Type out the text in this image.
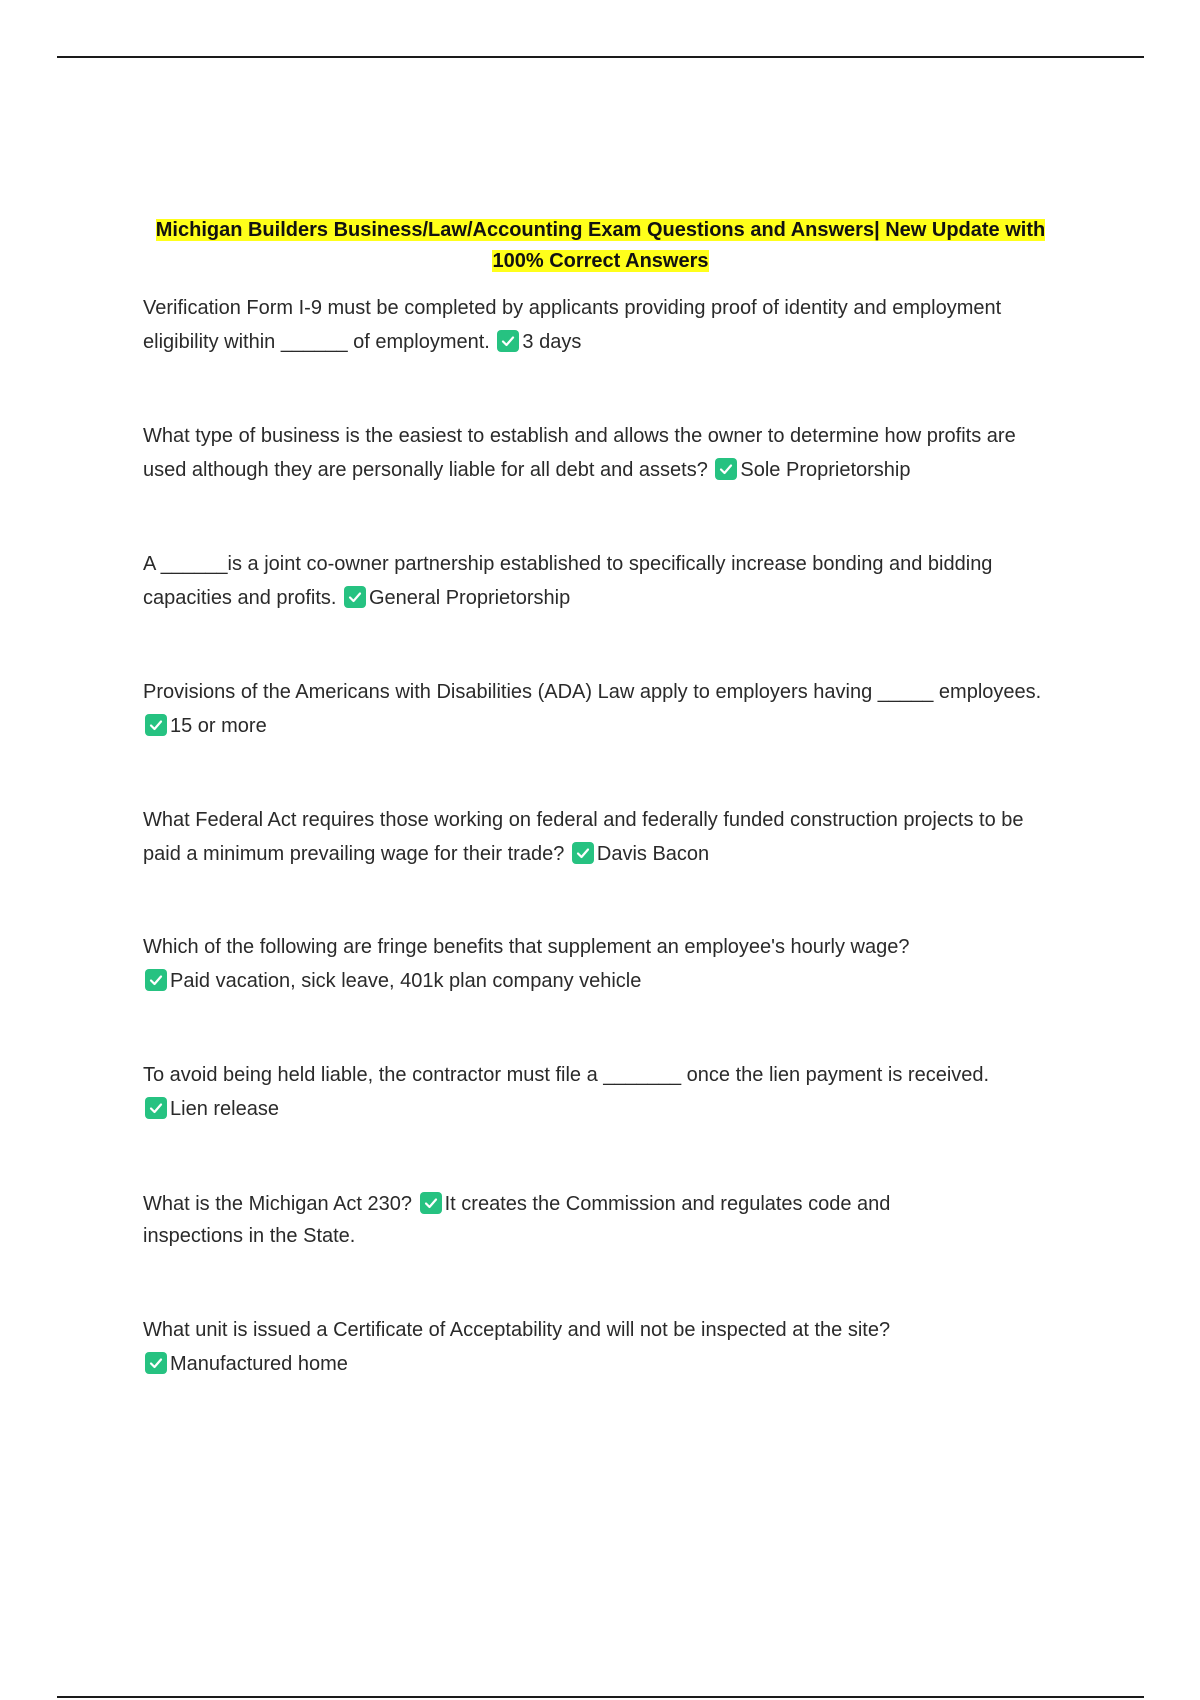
Michigan Builders Business/Law/Accounting Exam Questions and Answers| New Update with
100% Correct Answers
Verification Form I-9 must be completed by applicants providing proof of identity and employment eligibility within ______ of employment. 3 days
What type of business is the easiest to establish and allows the owner to determine how profits are used although they are personally liable for all debt and assets? Sole Proprietorship
A ______is a joint co-owner partnership established to specifically increase bonding and bidding capacities and profits. General Proprietorship
Provisions of the Americans with Disabilities (ADA) Law apply to employers having _____ employees.
15 or more
What Federal Act requires those working on federal and federally funded construction projects to be paid a minimum prevailing wage for their trade? Davis Bacon
Which of the following are fringe benefits that supplement an employee's hourly wage?

Paid vacation, sick leave, 401k plan company vehicle
To avoid being held liable, the contractor must file a _______ once the lien payment is received.

Lien release
What is the Michigan Act 230? It creates the Commission and regulates code and inspections in the State.
What unit is issued a Certificate of Acceptability and will not be inspected at the site?

Manufactured home
